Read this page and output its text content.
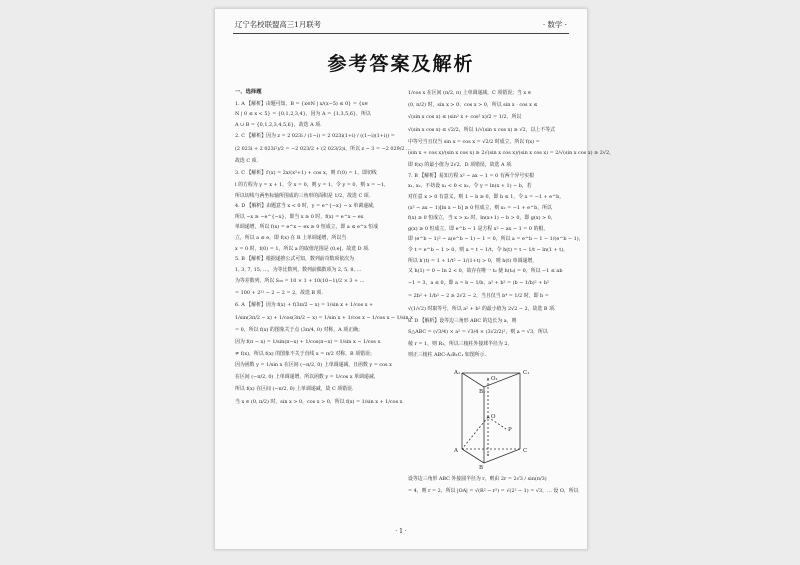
辽宁名校联盟高三1月联考	· 数学 ·
参考答案及解析

一、选择题

1. A 【解析】由题可知，B = {x∈N | x/(x−5) ≤ 0} = {x∈

N | 0 ≤ x < 5} = {0,1,2,3,4}，因为 A = {1,3,5,6}，所以

A ∪ B = {0,1,2,3,4,5,6}，故选 A 项.

2. C 【解析】因为 z = 2 023i / (1−i) = 2 023i(1+i) / ((1−i)(1+i)) =

(2 023i + 2 023i²)/2 = −2 023/2 + (2 023/2)i，所以 z − 3 = −2 029/2 …

故选 C 项.

3. C 【解析】f′(x) = 2x/(x²+1) + cos x，则 f′(0) = 1，即切线

l 的方程为 y = x + 1，令 x = 0，则 y = 1，令 y = 0，则 x = −1，

所以切线与两坐标轴所围成的三角形的面积是 1/2，故选 C 项.

4. D 【解析】由题意当 x < 0 时，y = e^{−x} − x 单调递减，

所以 −x ≥ −e^{−x}，即当 x ≥ 0 时，f(x) = e^x − ex

单调递增，所以 f(x) = e^x − ex ≥ 0 恒成立，即 a ≤ e^x 恒成

立，所以 a ≤ e，即 f(x) 在 R 上单调递增，所以当

x = 0 时，f(0) = 1，所以 a 的取值范围是 (0,e]，故选 D 项.

5. B 【解析】根据递推公式可知，数列前奇数项依次为

1, 3, 7, 15, …，为等比数列，数列前偶数项为 2, 5, 8, …

为等差数列，所以 S₂₀ = 10 × 1 + 10(10−1)/2 × 3 + …

= 100 + 2¹¹ − 2 − 2 = 2，故选 B 项.

6. A 【解析】因为 f(x) + f(3π/2 − x) = 1/sin x + 1/cos x +

1/sin(3π/2 − x) + 1/cos(3π/2 − x) = 1/sin x + 1/cos x − 1/cos x − 1/sin x

= 0，所以 f(x) 的图象关于点 (3π/4, 0) 对称，A 项正确；

因为 f(π − x) = 1/sin(π−x) + 1/cos(π−x) = 1/sin x − 1/cos x

≠ f(x)，所以 f(x) 的图象不关于直线 x = π/2 对称，B 项错误；

因为函数 y = 1/sin x 在区间 (−π/2, 0) 上单调递减，且函数 y = cos x

在区间 (−π/2, 0) 上单调递增，所以函数 y = 1/cos x 单调递减，

所以 f(x) 在区间 (−π/2, 0) 上单调递减，故 C 项错误.

当 x ∈ (0, π/2) 时，sin x > 0，cos x > 0，所以 f(x) = 1/sin x + 1/cos x

1/cos x 在区间 (π/2, π) 上单调递减，C 项错误；当 x ∈

(0, π/2) 时，sin x > 0，cos x > 0，所以 sin x · cos x ≤

√(sin x cos x) ≤ (sin² x + cos² x)/2 = 1/2，所以

√(sin x cos x) ≤ √2/2，所以 1/√(sin x cos x) ≥ √2，以上不等式

中等号当且仅当 sin x = cos x = √2/2 时成立，所以 f(x) =

(sin x + cos x)/(sin x cos x) ≥ 2√(sin x cos x)/(sin x cos x) = 2/√(sin x cos x) ≥ 2√2，

即 f(x) 的最小值为 2√2，D 项错误，故选 A 项.

7. B 【解析】易知方程 x² − ax − 1 = 0 有两个异号实根

x₁, x₂，不妨设 x₁ < 0 < x₂，令 y = ln(x + 1) − b，若

对任意 x > 0 有意义，则 1 − b ≥ 0，即 b ≤ 1，令 x = −1 + e^b，

(x² − ax − 1)[ln x − b] ≥ 0 恒成立，则 x₂ = −1 + e^b，所以

f(x) ≥ 0 恒成立，当 x > x₂ 时，ln(x+1) − b > 0，即 g(x) > 0，

g(x) ≥ 0 恒成立，即 e^b − 1 是方程 x² − ax − 1 = 0 的根，

即 (e^b − 1)² − a(e^b − 1) − 1 = 0，所以 a = e^b − 1 − 1/(e^b − 1)，

令 t = e^b − 1 > 0，则 a = t − 1/t，令 h(t) = t − 1/t − ln(1 + t)，

所以 h′(t) = 1 + 1/t² − 1/(1+t) > 0，则 h(t) 单调递增，

又 h(1) = 0 − ln 2 < 0，故存在唯一 t₀ 使 h(t₀) = 0，所以 −1 ≤ ab

−1 = 3，a ≤ 0，即 a = b − 1/b，a² + b² = (b − 1/b)² + b²

= 2b² + 1/b² − 2 ≥ 2√2 − 2，当且仅当 b⁴ = 1/2 时，即 b =

√(1/√2) 时取等号，所以 a² + b² 的最小值为 2√2 − 2，故选 B 项.

8. D 【解析】设等边三角形 ABC 的边长为 a，则

S△ABC = (√3/4) × a² = √3/4 × (3√2/2)²，则 a = √3，所以

棱 r = 1，则 R₁，所以三棱柱外接球半径为 2，

则正三棱柱 ABC-A₁B₁C₁ 如图所示.

A₁
B₁
C₁
O₁
O
A
B
C
P

设等边三角形 ABC 外接圆半径为 r，则由 2r = 2√3 / sin(π/3)

= 4，则 r = 2，所以 |OA| = √(R² − r²) = √(2² − 1) = √3，… 设 O，所以

· 1 ·
